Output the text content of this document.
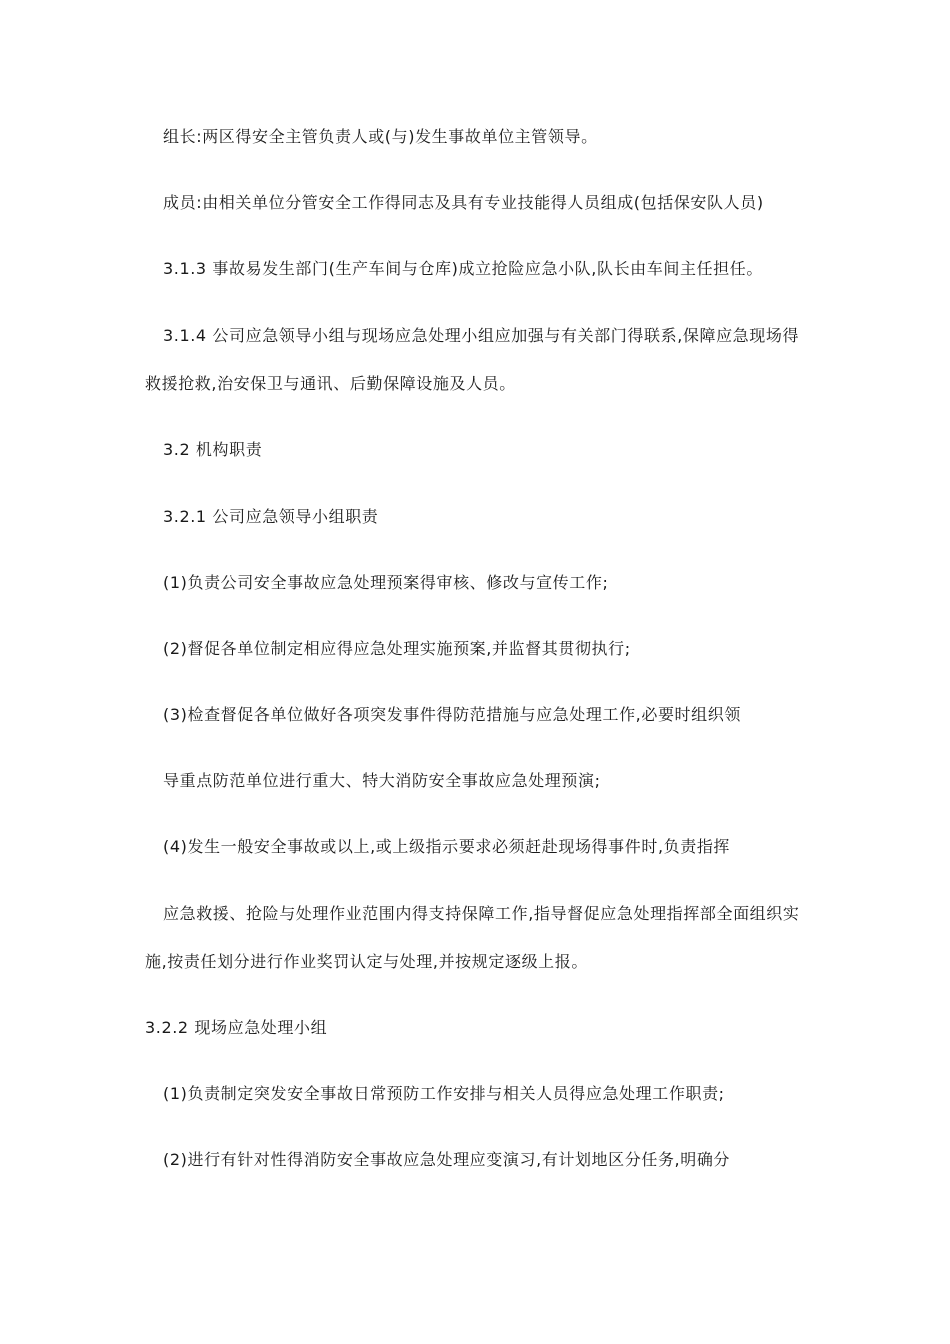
组长:两区得安全主管负责人或(与)发生事故单位主管领导。
成员:由相关单位分管安全工作得同志及具有专业技能得人员组成(包括保安队人员)
3.1.3 事故易发生部门(生产车间与仓库)成立抢险应急小队,队长由车间主任担任。
3.1.4 公司应急领导小组与现场应急处理小组应加强与有关部门得联系,保障应急现场得
救援抢救,治安保卫与通讯、后勤保障设施及人员。
3.2 机构职责
3.2.1 公司应急领导小组职责
(1)负责公司安全事故应急处理预案得审核、修改与宣传工作;
(2)督促各单位制定相应得应急处理实施预案,并监督其贯彻执行;
(3)检查督促各单位做好各项突发事件得防范措施与应急处理工作,必要时组织领
导重点防范单位进行重大、特大消防安全事故应急处理预演;
(4)发生一般安全事故或以上,或上级指示要求必须赶赴现场得事件时,负责指挥
应急救援、抢险与处理作业范围内得支持保障工作,指导督促应急处理指挥部全面组织实
施,按责任划分进行作业奖罚认定与处理,并按规定逐级上报。
3.2.2 现场应急处理小组
(1)负责制定突发安全事故日常预防工作安排与相关人员得应急处理工作职责;
(2)进行有针对性得消防安全事故应急处理应变演习,有计划地区分任务,明确分
